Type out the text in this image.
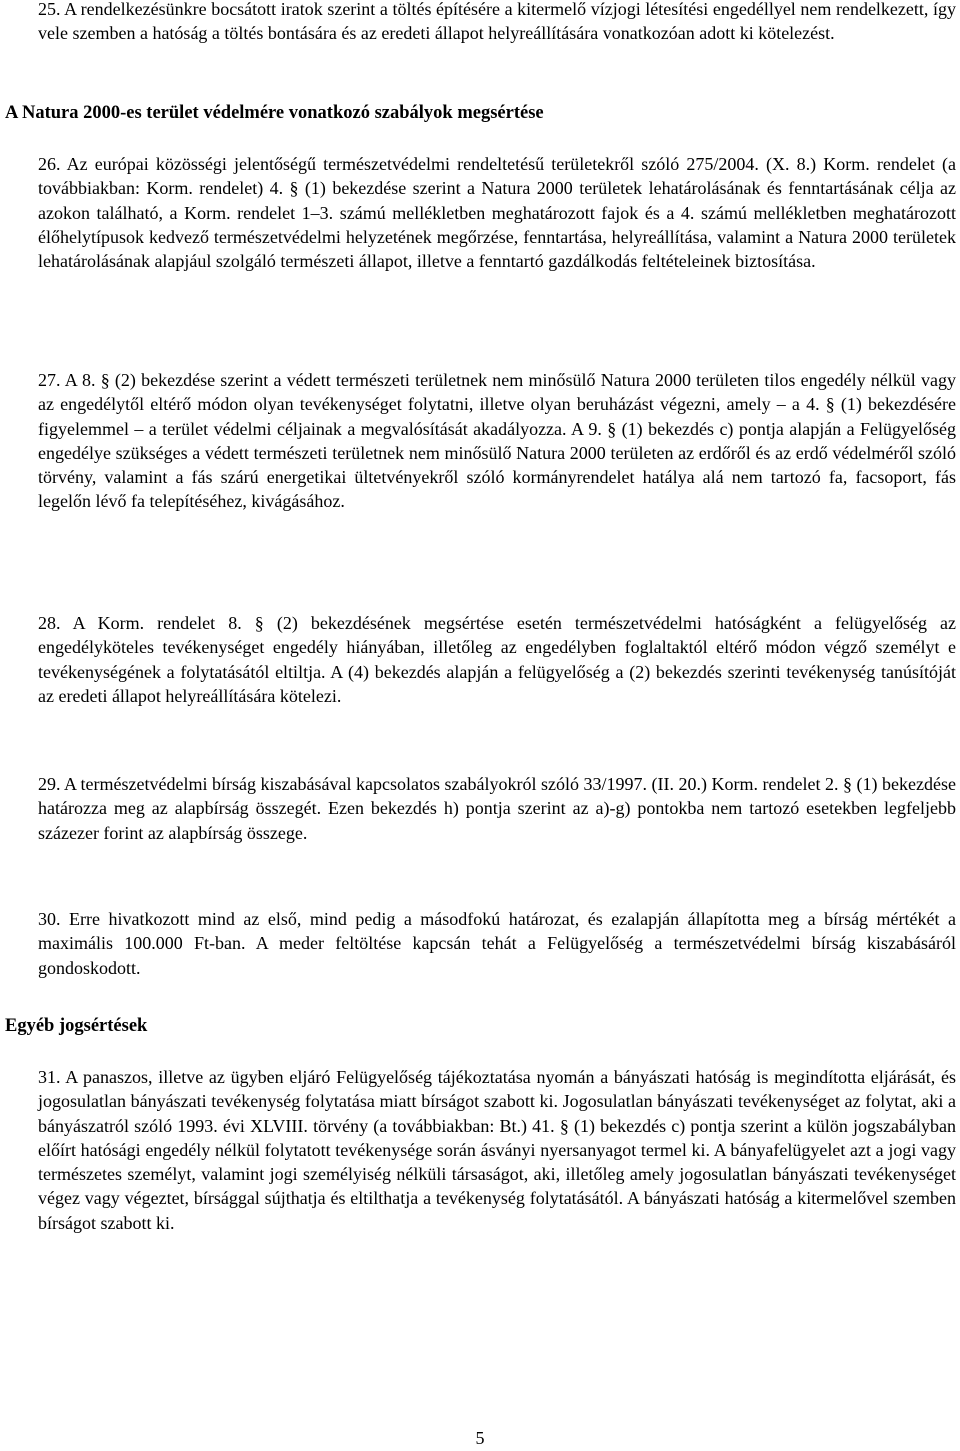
25. A rendelkezésünkre bocsátott iratok szerint a töltés építésére a kitermelő vízjogi létesítési engedéllyel nem rendelkezett, így vele szemben a hatóság a töltés bontására és az eredeti állapot helyreállítására vonatkozóan adott ki kötelezést.

A Natura 2000-es terület védelmére vonatkozó szabályok megsértése

26. Az európai közösségi jelentőségű természetvédelmi rendeltetésű területekről szóló 275/2004. (X. 8.) Korm. rendelet (a továbbiakban: Korm. rendelet) 4. § (1) bekezdése szerint a Natura 2000 területek lehatárolásának és fenntartásának célja az azokon található, a Korm. rendelet 1–3. számú mellékletben meghatározott fajok és a 4. számú mellékletben meghatározott élőhelytípusok kedvező természetvédelmi helyzetének megőrzése, fenntartása, helyreállítása, valamint a Natura 2000 területek lehatárolásának alapjául szolgáló természeti állapot, illetve a fenntartó gazdálkodás feltételeinek biztosítása.

27. A 8. § (2) bekezdése szerint a védett természeti területnek nem minősülő Natura 2000 területen tilos engedély nélkül vagy az engedélytől eltérő módon olyan tevékenységet folytatni, illetve olyan beruházást végezni, amely – a 4. § (1) bekezdésére figyelemmel – a terület védelmi céljainak a megvalósítását akadályozza. A 9. § (1) bekezdés c) pontja alapján a Felügyelőség engedélye szükséges a védett természeti területnek nem minősülő Natura 2000 területen az erdőről és az erdő védelméről szóló törvény, valamint a fás szárú energetikai ültetvényekről szóló kormányrendelet hatálya alá nem tartozó fa, facsoport, fás legelőn lévő fa telepítéséhez, kivágásához.

28. A Korm. rendelet 8. § (2) bekezdésének megsértése esetén természetvédelmi hatóságként a felügyelőség az engedélyköteles tevékenységet engedély hiányában, illetőleg az engedélyben foglaltaktól eltérő módon végző személyt e tevékenységének a folytatásától eltiltja. A (4) bekezdés alapján a felügyelőség a (2) bekezdés szerinti tevékenység tanúsítóját az eredeti állapot helyreállítására kötelezi.

29. A természetvédelmi bírság kiszabásával kapcsolatos szabályokról szóló 33/1997. (II. 20.) Korm. rendelet 2. § (1) bekezdése határozza meg az alapbírság összegét. Ezen bekezdés h) pontja szerint az a)-g) pontokba nem tartozó esetekben legfeljebb százezer forint az alapbírság összege.

30. Erre hivatkozott mind az első, mind pedig a másodfokú határozat, és ezalapján állapította meg a bírság mértékét a maximális 100.000 Ft-ban. A meder feltöltése kapcsán tehát a Felügyelőség a természetvédelmi bírság kiszabásáról gondoskodott.

Egyéb jogsértések

31. A panaszos, illetve az ügyben eljáró Felügyelőség tájékoztatása nyomán a bányászati hatóság is megindította eljárását, és jogosulatlan bányászati tevékenység folytatása miatt bírságot szabott ki. Jogosulatlan bányászati tevékenységet az folytat, aki a bányászatról szóló 1993. évi XLVIII. törvény (a továbbiakban: Bt.) 41. § (1) bekezdés c) pontja szerint a külön jogszabályban előírt hatósági engedély nélkül folytatott tevékenysége során ásványi nyersanyagot termel ki. A bányafelügyelet azt a jogi vagy természetes személyt, valamint jogi személyiség nélküli társaságot, aki, illetőleg amely jogosulatlan bányászati tevékenységet végez vagy végeztet, bírsággal sújthatja és eltilthatja a tevékenység folytatásától. A bányászati hatóság a kitermelővel szemben bírságot szabott ki.

5
